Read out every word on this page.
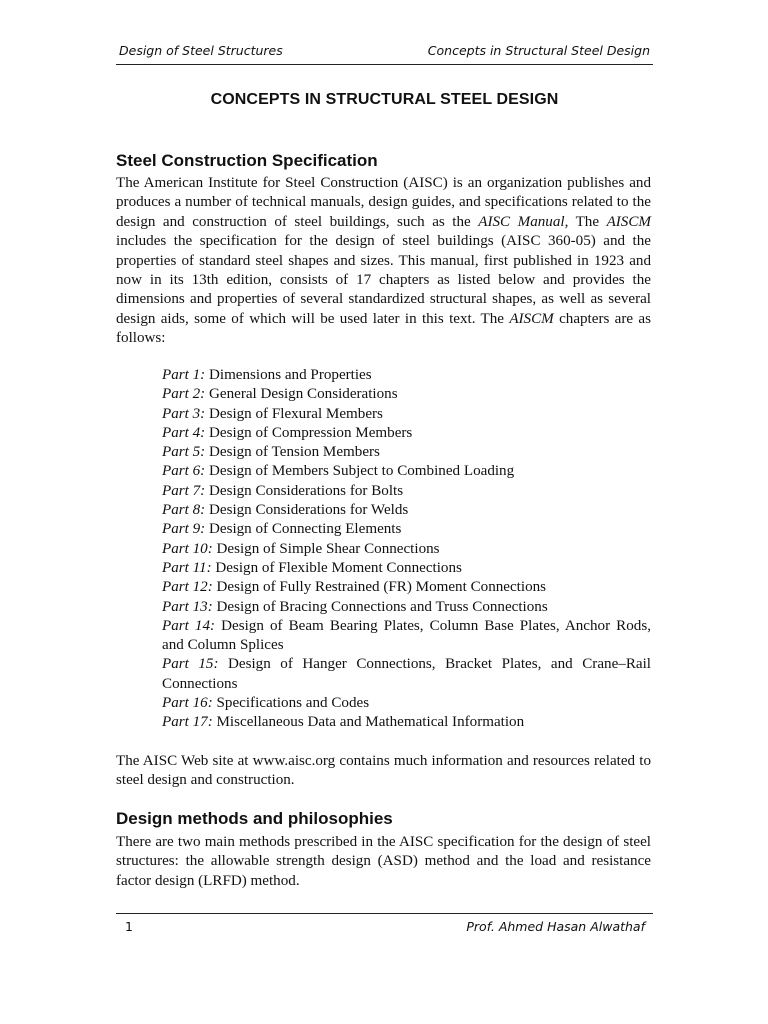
Design of Steel Structures	Concepts in Structural Steel Design
CONCEPTS IN STRUCTURAL STEEL DESIGN
Steel Construction Specification

The American Institute for Steel Construction (AISC) is an organization publishes and produces a number of technical manuals, design guides, and specifications related to the design and construction of steel buildings, such as the AISC Manual, The AISCM includes the specification for the design of steel buildings (AISC 360-05) and the properties of standard steel shapes and sizes. This manual, first published in 1923 and now in its 13th edition, consists of 17 chapters as listed below and provides the dimensions and properties of several standardized structural shapes, as well as several design aids, some of which will be used later in this text. The AISCM chapters are as follows:

Part 1: Dimensions and Properties
Part 2: General Design Considerations
Part 3: Design of Flexural Members
Part 4: Design of Compression Members
Part 5: Design of Tension Members
Part 6: Design of Members Subject to Combined Loading
Part 7: Design Considerations for Bolts
Part 8: Design Considerations for Welds
Part 9: Design of Connecting Elements
Part 10: Design of Simple Shear Connections
Part 11: Design of Flexible Moment Connections
Part 12: Design of Fully Restrained (FR) Moment Connections
Part 13: Design of Bracing Connections and Truss Connections
Part 14: Design of Beam Bearing Plates, Column Base Plates, Anchor Rods, and Column Splices
Part 15: Design of Hanger Connections, Bracket Plates, and Crane–Rail Connections
Part 16: Specifications and Codes
Part 17: Miscellaneous Data and Mathematical Information

The AISC Web site at www.aisc.org contains much information and resources related to steel design and construction.

Design methods and philosophies

There are two main methods prescribed in the AISC specification for the design of steel structures: the allowable strength design (ASD) method and the load and resistance factor design (LRFD) method.

1	Prof. Ahmed Hasan Alwathaf
